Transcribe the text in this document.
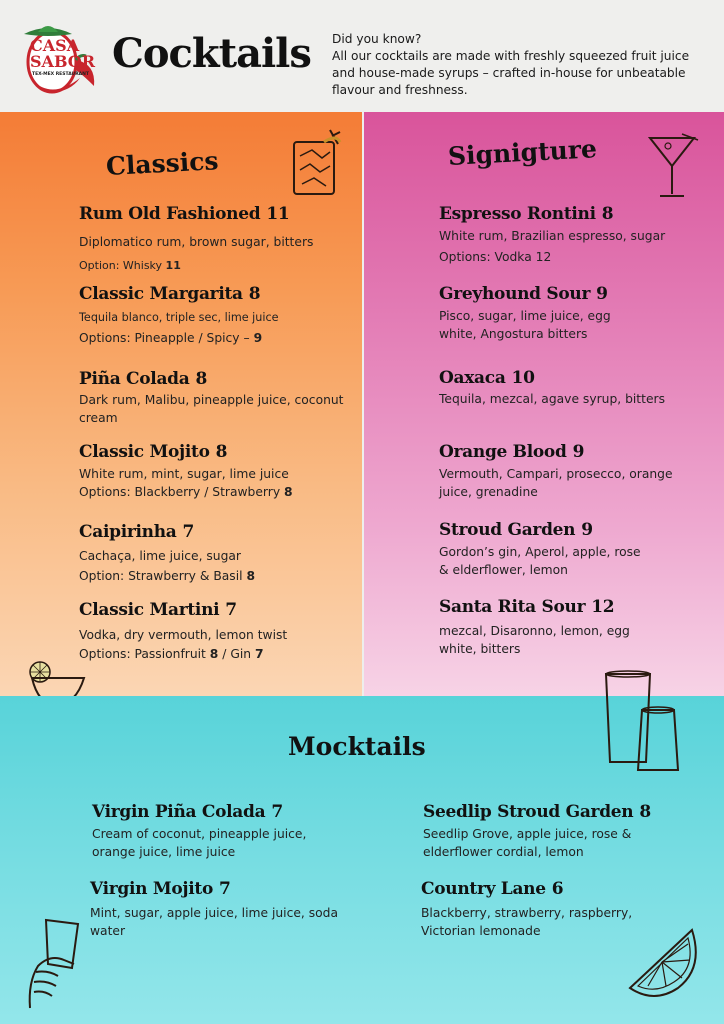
CASA
SABOR
TEX-MEX RESTAURANT Cocktails Did you know?
All our cocktails are made with freshly squeezed fruit juice and house-made syrups – crafted in-house for unbeatable flavour and freshness.
Classics
Rum Old Fashioned 11
Diplomatico rum, brown sugar, bitters
Option: Whisky 11
Classic Margarita 8
Tequila blanco, triple sec, lime juice
Options: Pineapple / Spicy – 9
Piña Colada 8
Dark rum, Malibu, pineapple juice, coconut cream
Classic Mojito 8
White rum, mint, sugar, lime juice
Options: Blackberry / Strawberry 8
Caipirinha 7
Cachaça, lime juice, sugar
Option: Strawberry & Basil 8
Classic Martini 7
Vodka, dry vermouth, lemon twist
Options: Passionfruit 8 / Gin 7
Signigture
Espresso Rontini 8
White rum, Brazilian espresso, sugar
Options: Vodka 12
Greyhound Sour 9
Pisco, sugar, lime juice, egg white, Angostura bitters
Oaxaca 10
Tequila, mezcal, agave syrup, bitters
Orange Blood 9
Vermouth, Campari, prosecco, orange juice, grenadine
Stroud Garden 9
Gordon’s gin, Aperol, apple, rose & elderflower, lemon
Santa Rita Sour 12
mezcal, Disaronno, lemon, egg white, bitters
Mocktails
Virgin Piña Colada 7
Cream of coconut, pineapple juice, orange juice, lime juice
Seedlip Stroud Garden 8
Seedlip Grove, apple juice, rose & elderflower cordial, lemon
Virgin Mojito 7
Mint, sugar, apple juice, lime juice, soda water
Country Lane 6
Blackberry, strawberry, raspberry, Victorian lemonade
